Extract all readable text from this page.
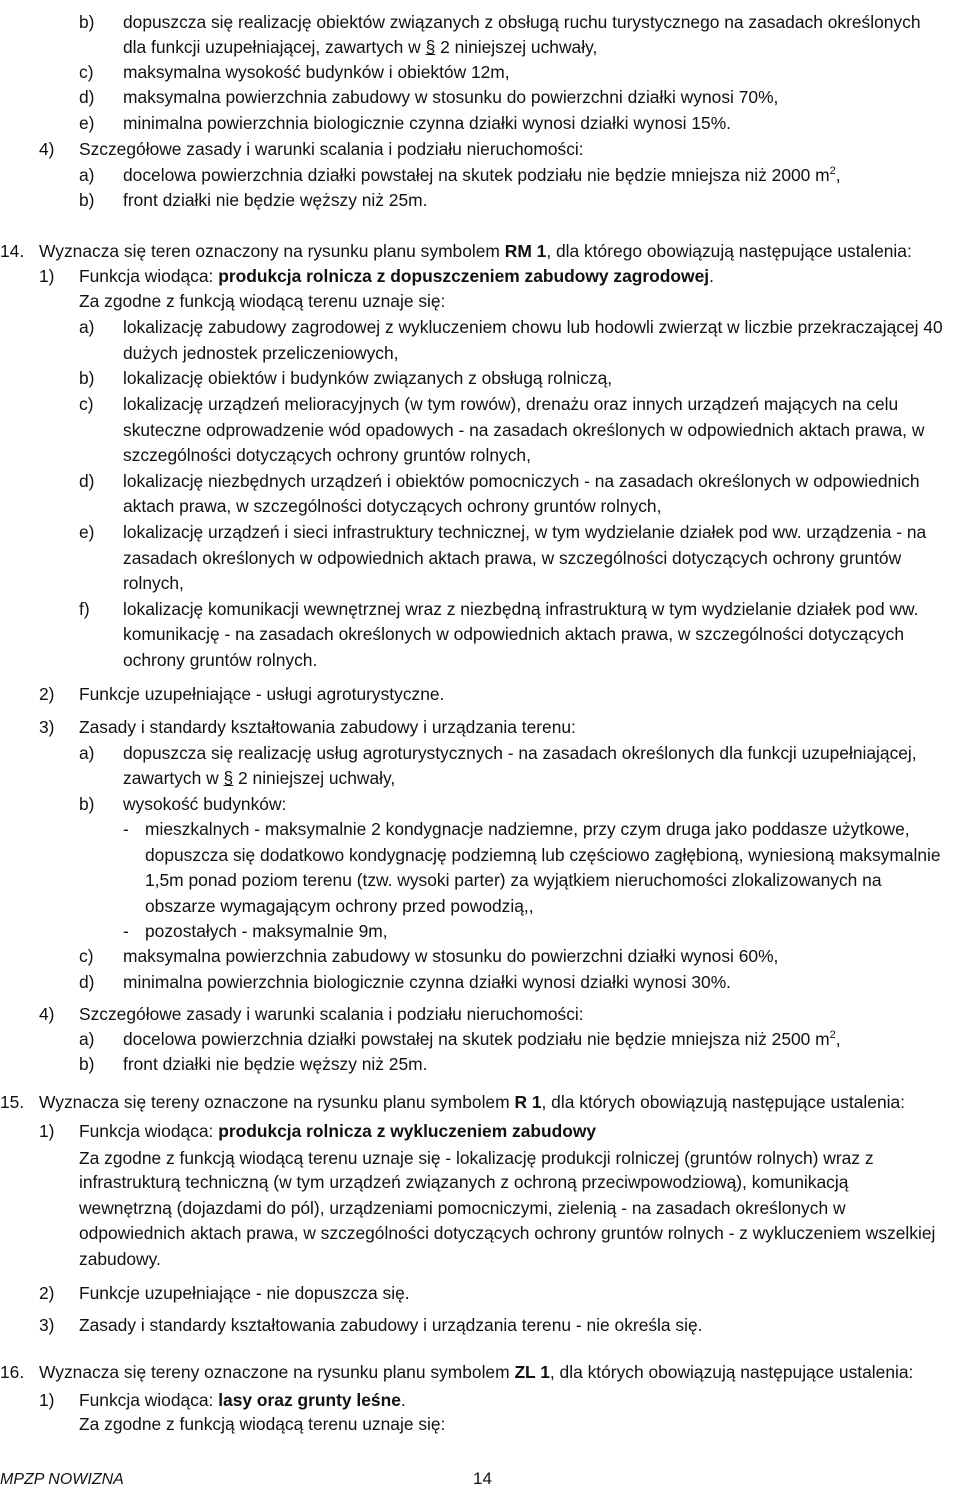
b) dopuszcza się realizację obiektów związanych z obsługą ruchu turystycznego na zasadach określonych
dla funkcji uzupełniającej, zawartych w § 2 niniejszej uchwały,
c) maksymalna wysokość budynków i obiektów 12m,
d) maksymalna powierzchnia zabudowy w stosunku do powierzchni działki wynosi 70%,
e) minimalna powierzchnia biologicznie czynna działki wynosi działki wynosi 15%.
4) Szczegółowe zasady i warunki scalania i podziału nieruchomości:
a) docelowa powierzchnia działki powstałej na skutek podziału nie będzie mniejsza niż 2000 $m^2$,
b) front działki nie będzie węższy niż 25m.
14. Wyznacza się teren oznaczony na rysunku planu symbolem RM 1, dla którego obowiązują następujące ustalenia:
1) Funkcja wiodąca: produkcja rolnicza z dopuszczeniem zabudowy zagrodowej.
Za zgodne z funkcją wiodącą terenu uznaje się:
a) lokalizację zabudowy zagrodowej z wykluczeniem chowu lub hodowli zwierząt w liczbie przekraczającej 40
dużych jednostek przeliczeniowych,
b) lokalizację obiektów i budynków związanych z obsługą rolniczą,
c) lokalizację urządzeń melioracyjnych (w tym rowów), drenażu oraz innych urządzeń mających na celu
skuteczne odprowadzenie wód opadowych - na zasadach określonych w odpowiednich aktach prawa, w
szczególności dotyczących ochrony gruntów rolnych,
d) lokalizację niezbędnych urządzeń i obiektów pomocniczych - na zasadach określonych w odpowiednich
aktach prawa, w szczególności dotyczących ochrony gruntów rolnych,
e) lokalizację urządzeń i sieci infrastruktury technicznej, w tym wydzielanie działek pod ww. urządzenia - na
zasadach określonych w odpowiednich aktach prawa, w szczególności dotyczących ochrony gruntów
rolnych,
f) lokalizację komunikacji wewnętrznej wraz z niezbędną infrastrukturą w tym wydzielanie działek pod ww.
komunikację - na zasadach określonych w odpowiednich aktach prawa, w szczególności dotyczących
ochrony gruntów rolnych.
2) Funkcje uzupełniające - usługi agroturystyczne.
3) Zasady i standardy kształtowania zabudowy i urządzania terenu:
a) dopuszcza się realizację usług agroturystycznych - na zasadach określonych dla funkcji uzupełniającej,
zawartych w § 2 niniejszej uchwały,
b) wysokość budynków:
- mieszkalnych - maksymalnie 2 kondygnacje nadziemne, przy czym druga jako poddasze użytkowe,
dopuszcza się dodatkowo kondygnację podziemną lub częściowo zagłębioną, wyniesioną maksymalnie
1,5m ponad poziom terenu (tzw. wysoki parter) za wyjątkiem nieruchomości zlokalizowanych na
obszarze wymagającym ochrony przed powodzią,,
- pozostałych - maksymalnie 9m,
c) maksymalna powierzchnia zabudowy w stosunku do powierzchni działki wynosi 60%,
d) minimalna powierzchnia biologicznie czynna działki wynosi działki wynosi 30%.
4) Szczegółowe zasady i warunki scalania i podziału nieruchomości:
a) docelowa powierzchnia działki powstałej na skutek podziału nie będzie mniejsza niż 2500 $m^2$,
b) front działki nie będzie węższy niż 25m.
15. Wyznacza się tereny oznaczone na rysunku planu symbolem R 1, dla których obowiązują następujące ustalenia:
1) Funkcja wiodąca: produkcja rolnicza z wykluczeniem zabudowy
Za zgodne z funkcją wiodącą terenu uznaje się - lokalizację produkcji rolniczej (gruntów rolnych) wraz z
infrastrukturą techniczną (w tym urządzeń związanych z ochroną przeciwpowodziową), komunikacją
wewnętrzną (dojazdami do pól), urządzeniami pomocniczymi, zielenią - na zasadach określonych w
odpowiednich aktach prawa, w szczególności dotyczących ochrony gruntów rolnych - z wykluczeniem wszelkiej
zabudowy.
2) Funkcje uzupełniające - nie dopuszcza się.
3) Zasady i standardy kształtowania zabudowy i urządzania terenu - nie określa się.
16. Wyznacza się tereny oznaczone na rysunku planu symbolem ZL 1, dla których obowiązują następujące ustalenia:
1) Funkcja wiodąca: lasy oraz grunty leśne.
Za zgodne z funkcją wiodącą terenu uznaje się:
MPZP NOWIZNA	14
